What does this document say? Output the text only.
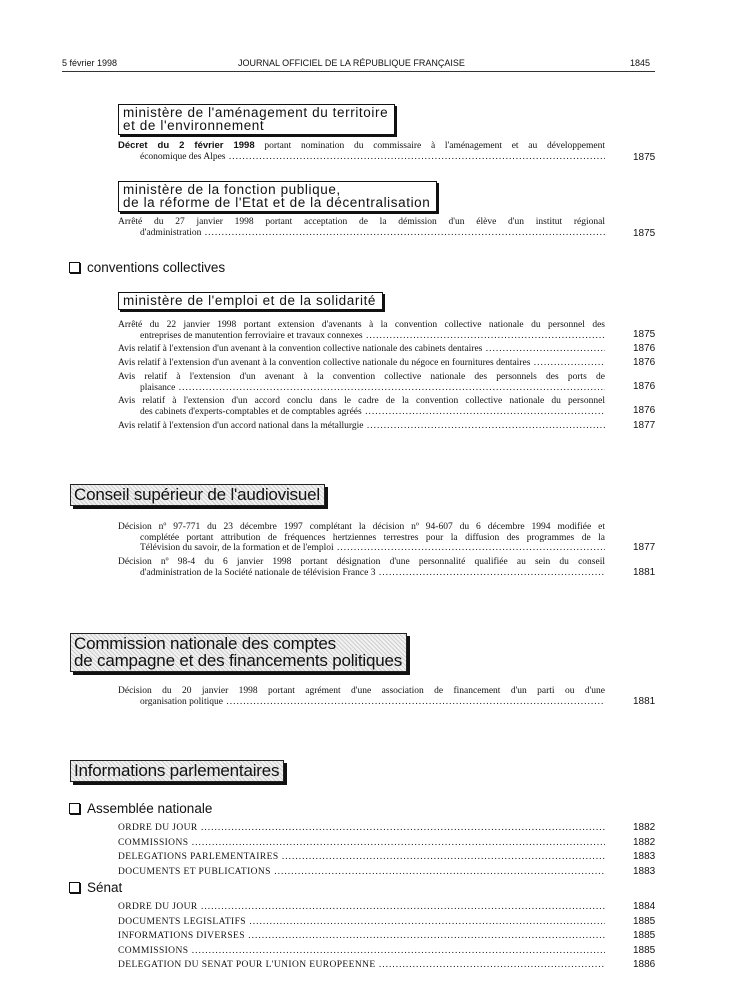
5 février 1998	JOURNAL OFFICIEL DE LA RÉPUBLIQUE FRANÇAISE	1845
ministère de l'aménagement du territoire
et de l'environnement
Décret du 2 février 1998 portant nomination du commissaire à l'aménagement et au développement
économique des Alpes .....	1875
ministère de la fonction publique,
de la réforme de l'Etat et de la décentralisation
Arrêté du 27 janvier 1998 portant acceptation de la démission d'un élève d'un institut régional
d'administration .....	1875
conventions collectives
ministère de l'emploi et de la solidarité
Arrêté du 22 janvier 1998 portant extension d'avenants à la convention collective nationale du personnel des
entreprises de manutention ferroviaire et travaux connexes .....	1875
Avis relatif à l'extension d'un avenant à la convention collective nationale des cabinets dentaires .....	1876
Avis relatif à l'extension d'un avenant à la convention collective nationale du négoce en fournitures dentaires .....	1876
Avis relatif à l'extension d'un avenant à la convention collective nationale des personnels des ports de
plaisance .....	1876
Avis relatif à l'extension d'un accord conclu dans le cadre de la convention collective nationale du personnel
des cabinets d'experts-comptables et de comptables agréés .....	1876
Avis relatif à l'extension d'un accord national dans la métallurgie .....	1877
Conseil supérieur de l'audiovisuel
Décision nº 97-771 du 23 décembre 1997 complétant la décision nº 94-607 du 6 décembre 1994 modifiée et
complétée portant attribution de fréquences hertziennes terrestres pour la diffusion des programmes de la
Télévision du savoir, de la formation et de l'emploi .....	1877
Décision nº 98-4 du 6 janvier 1998 portant désignation d'une personnalité qualifiée au sein du conseil
d'administration de la Société nationale de télévision France 3 .....	1881
Commission nationale des comptes
de campagne et des financements politiques
Décision du 20 janvier 1998 portant agrément d'une association de financement d'un parti ou d'une
organisation politique .....	1881
Informations parlementaires
Assemblée nationale
ORDRE DU JOUR .....	1882
COMMISSIONS .....	1882
DÉLÉGATIONS PARLEMENTAIRES .....	1883
DOCUMENTS ET PUBLICATIONS .....	1883
Sénat
ORDRE DU JOUR .....	1884
DOCUMENTS LÉGISLATIFS .....	1885
INFORMATIONS DIVERSES .....	1885
COMMISSIONS .....	1885
DÉLÉGATION DU SÉNAT POUR L'UNION EUROPÉENNE .....	1886
